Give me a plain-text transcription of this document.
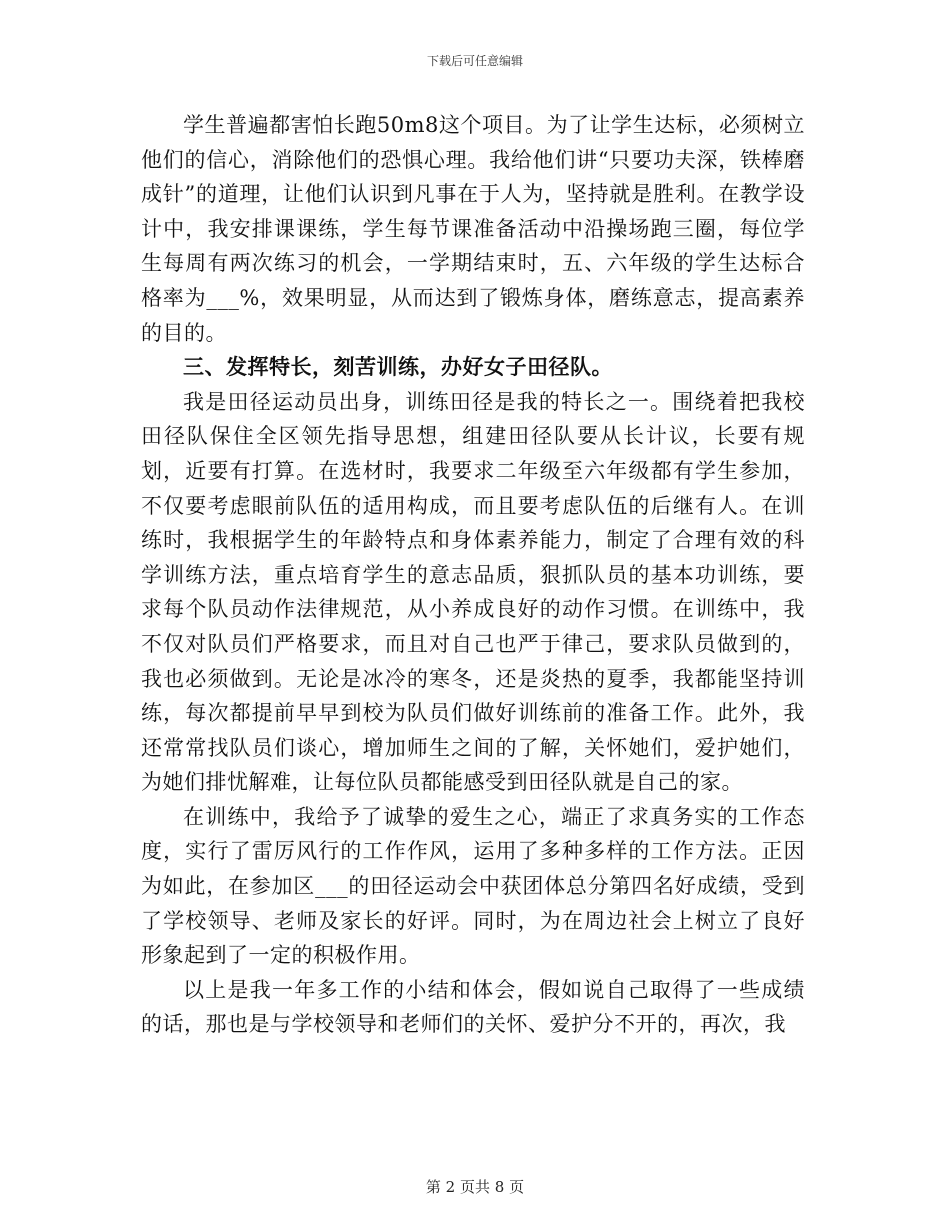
下载后可任意编辑

学生普遍都害怕长跑50m8这个项目。为了让学生达标，必须树立他们的信心，消除他们的恐惧心理。我给他们讲“只要功夫深，铁棒磨成针”的道理，让他们认识到凡事在于人为，坚持就是胜利。在教学设计中，我安排课课练，学生每节课准备活动中沿操场跑三圈，每位学生每周有两次练习的机会，一学期结束时，五、六年级的学生达标合格率为___%，效果明显，从而达到了锻炼身体，磨练意志，提高素养的目的。

三、发挥特长，刻苦训练，办好女子田径队。

我是田径运动员出身，训练田径是我的特长之一。围绕着把我校田径队保住全区领先指导思想，组建田径队要从长计议，长要有规划，近要有打算。在选材时，我要求二年级至六年级都有学生参加，不仅要考虑眼前队伍的适用构成，而且要考虑队伍的后继有人。在训练时，我根据学生的年龄特点和身体素养能力，制定了合理有效的科学训练方法，重点培育学生的意志品质，狠抓队员的基本功训练，要求每个队员动作法律规范，从小养成良好的动作习惯。在训练中，我不仅对队员们严格要求，而且对自己也严于律己，要求队员做到的，我也必须做到。无论是冰冷的寒冬，还是炎热的夏季，我都能坚持训练，每次都提前早早到校为队员们做好训练前的准备工作。此外，我还常常找队员们谈心，增加师生之间的了解，关怀她们，爱护她们，为她们排忧解难，让每位队员都能感受到田径队就是自己的家。

在训练中，我给予了诚挚的爱生之心，端正了求真务实的工作态度，实行了雷厉风行的工作作风，运用了多种多样的工作方法。正因为如此，在参加区___的田径运动会中获团体总分第四名好成绩，受到了学校领导、老师及家长的好评。同时，为在周边社会上树立了良好形象起到了一定的积极作用。

以上是我一年多工作的小结和体会，假如说自己取得了一些成绩的话，那也是与学校领导和老师们的关怀、爱护分不开的，再次，我

第 2 页共 8 页
